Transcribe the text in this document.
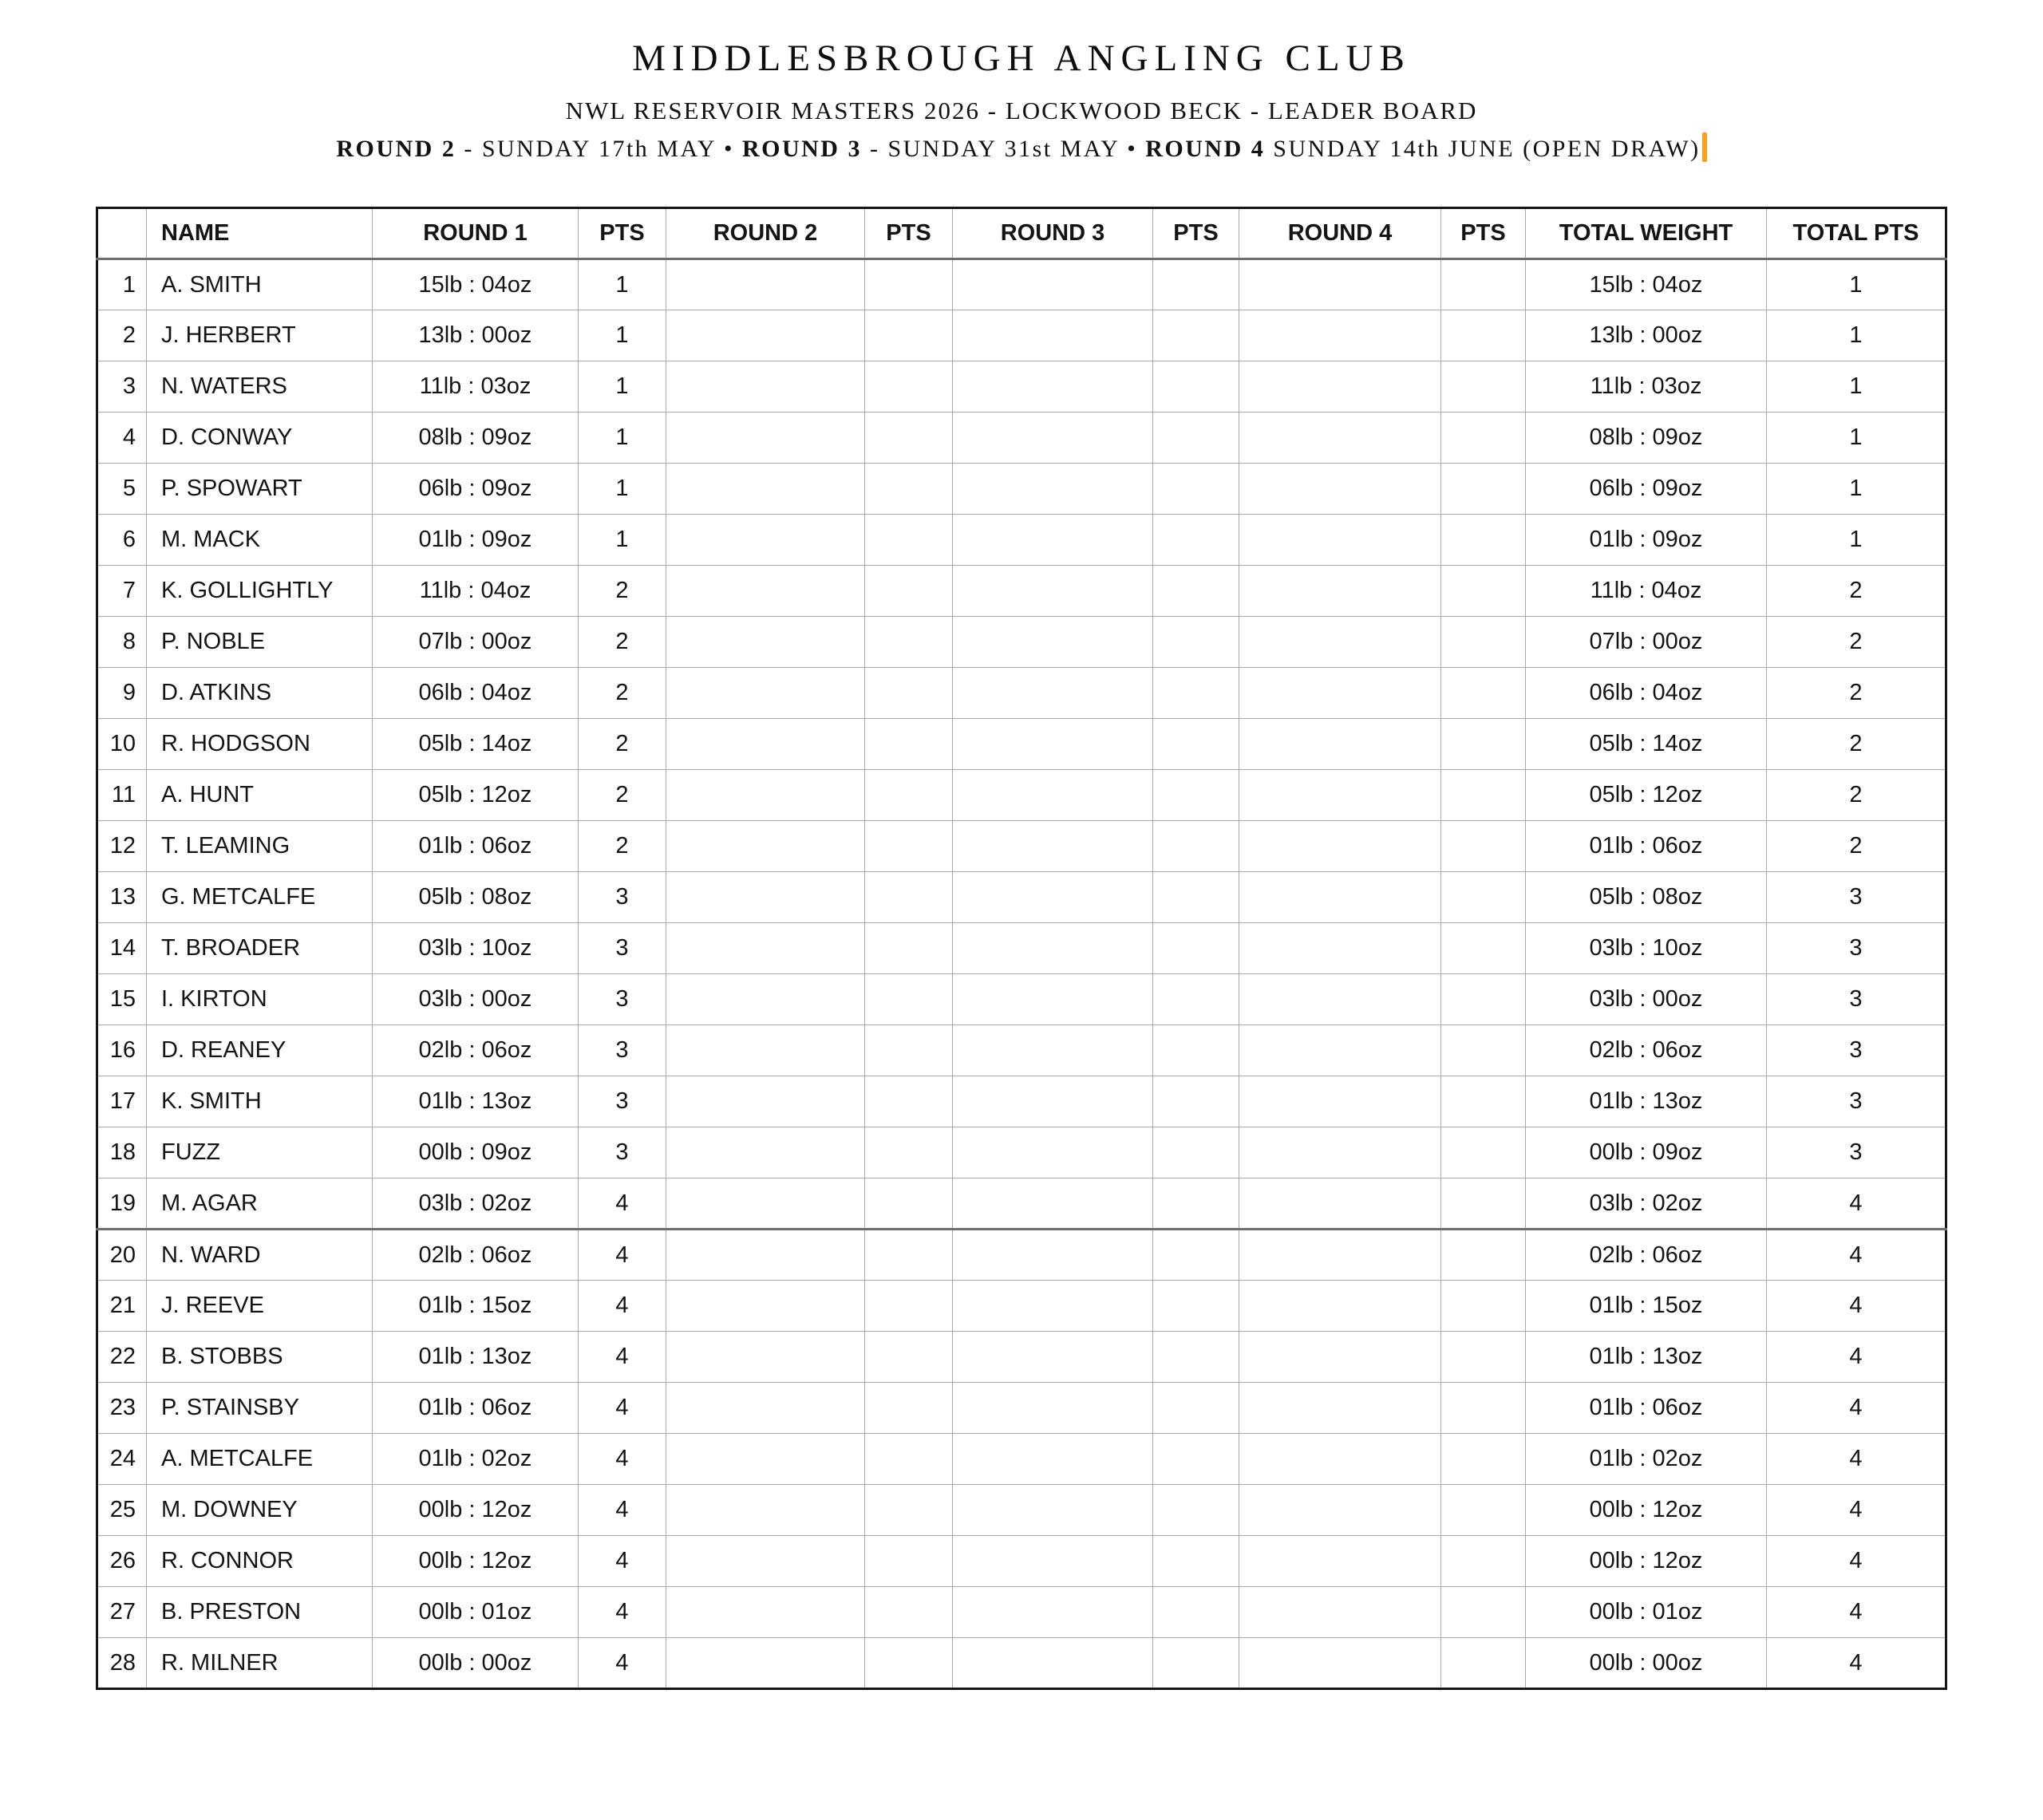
MIDDLESBROUGH ANGLING CLUB
NWL RESERVOIR MASTERS 2026 - LOCKWOOD BECK - LEADER BOARD
ROUND 2 - SUNDAY 17th MAY • ROUND 3 - SUNDAY 31st MAY • ROUND 4 SUNDAY 14th JUNE (OPEN DRAW)
	NAME	ROUND 1	PTS	ROUND 2	PTS	ROUND 3	PTS	ROUND 4	PTS	TOTAL WEIGHT	TOTAL PTS
1	A. SMITH	15lb : 04oz	1							15lb : 04oz	1
2	J. HERBERT	13lb : 00oz	1							13lb : 00oz	1
3	N. WATERS	11lb : 03oz	1							11lb : 03oz	1
4	D. CONWAY	08lb : 09oz	1							08lb : 09oz	1
5	P. SPOWART	06lb : 09oz	1							06lb : 09oz	1
6	M. MACK	01lb : 09oz	1							01lb : 09oz	1
7	K. GOLLIGHTLY	11lb : 04oz	2							11lb : 04oz	2
8	P. NOBLE	07lb : 00oz	2							07lb : 00oz	2
9	D. ATKINS	06lb : 04oz	2							06lb : 04oz	2
10	R. HODGSON	05lb : 14oz	2							05lb : 14oz	2
11	A. HUNT	05lb : 12oz	2							05lb : 12oz	2
12	T. LEAMING	01lb : 06oz	2							01lb : 06oz	2
13	G. METCALFE	05lb : 08oz	3							05lb : 08oz	3
14	T. BROADER	03lb : 10oz	3							03lb : 10oz	3
15	I. KIRTON	03lb : 00oz	3							03lb : 00oz	3
16	D. REANEY	02lb : 06oz	3							02lb : 06oz	3
17	K. SMITH	01lb : 13oz	3							01lb : 13oz	3
18	FUZZ	00lb : 09oz	3							00lb : 09oz	3
19	M. AGAR	03lb : 02oz	4							03lb : 02oz	4
20	N. WARD	02lb : 06oz	4							02lb : 06oz	4
21	J. REEVE	01lb : 15oz	4							01lb : 15oz	4
22	B. STOBBS	01lb : 13oz	4							01lb : 13oz	4
23	P. STAINSBY	01lb : 06oz	4							01lb : 06oz	4
24	A. METCALFE	01lb : 02oz	4							01lb : 02oz	4
25	M. DOWNEY	00lb : 12oz	4							00lb : 12oz	4
26	R. CONNOR	00lb : 12oz	4							00lb : 12oz	4
27	B. PRESTON	00lb : 01oz	4							00lb : 01oz	4
28	R. MILNER	00lb : 00oz	4							00lb : 00oz	4
